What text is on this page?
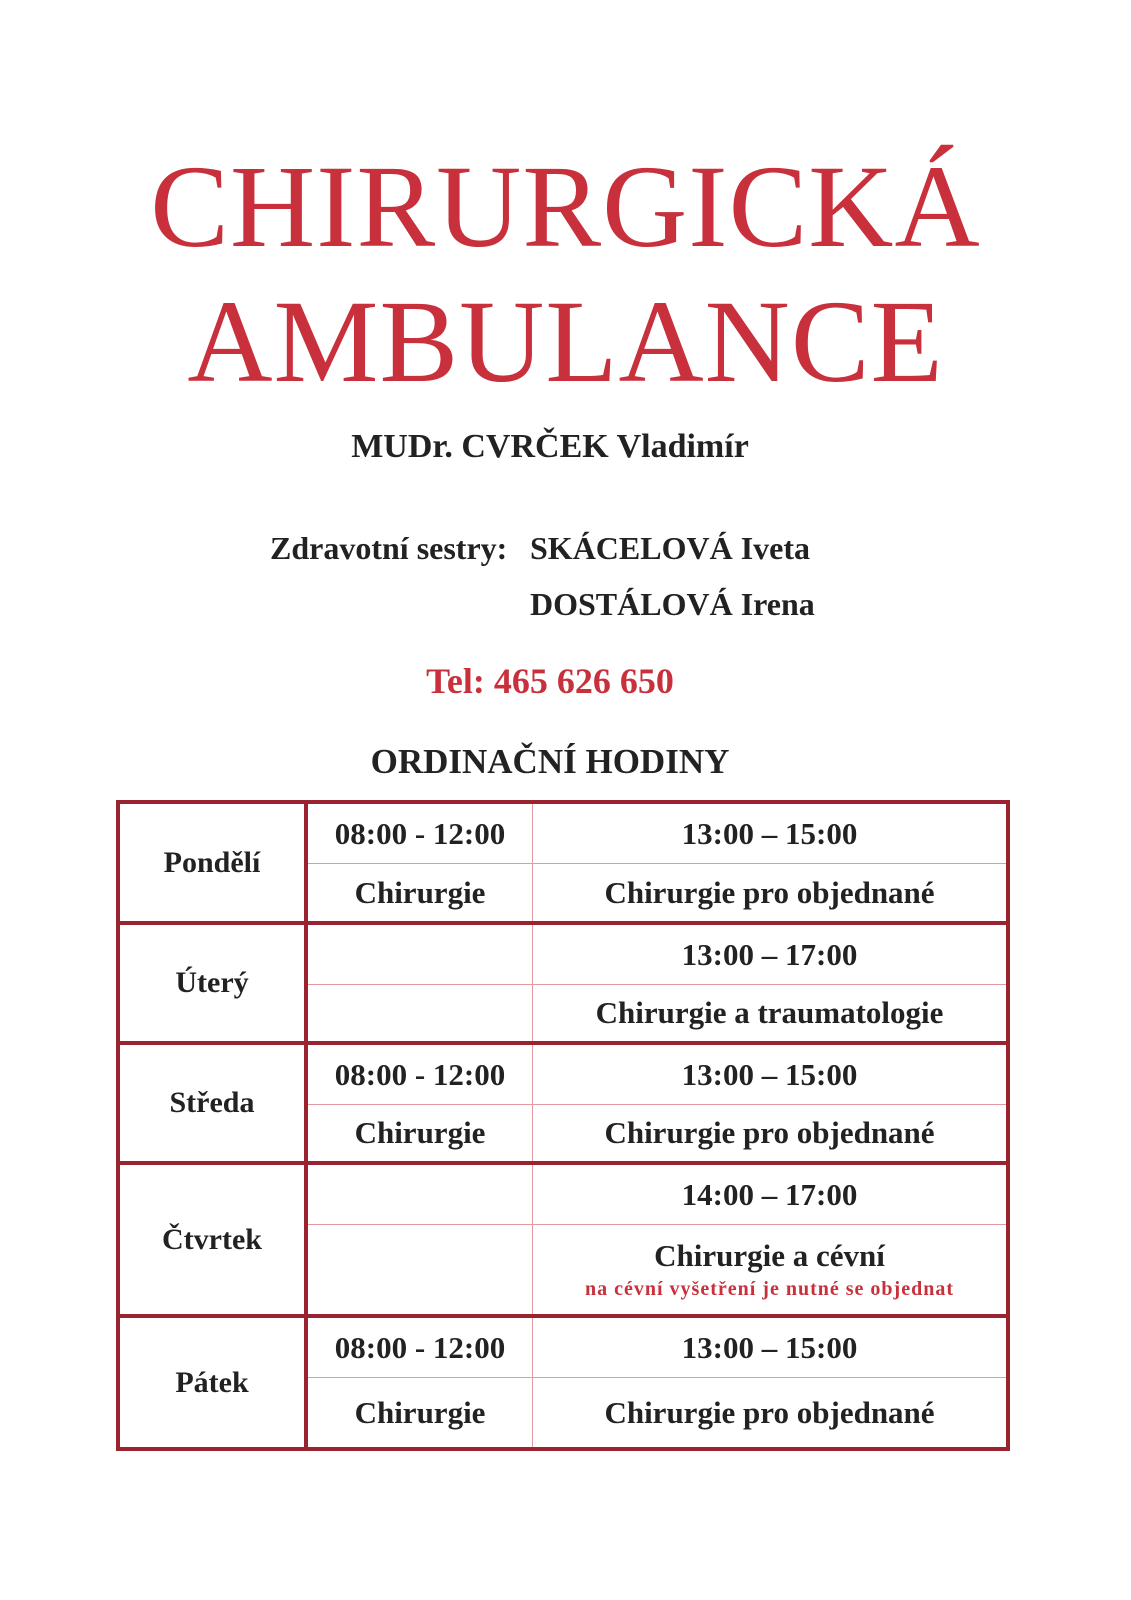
CHIRURGICKÁ
AMBULANCE

MUDr. CVRČEK Vladimír

Zdravotní sestry: SKÁCELOVÁ Iveta
DOSTÁLOVÁ Irena
Tel: 465 626 650
ORDINAČNÍ HODINY
Pondělí
08:00 - 12:00
Chirurgie
13:00 – 15:00
Chirurgie pro objednané
Úterý
13:00 – 17:00
Chirurgie a traumatologie
Středa
08:00 - 12:00
Chirurgie
13:00 – 15:00
Chirurgie pro objednané
Čtvrtek
14:00 – 17:00
Chirurgie a cévní
na cévní vyšetření je nutné se objednat
Pátek
08:00 - 12:00
Chirurgie
13:00 – 15:00
Chirurgie pro objednané
